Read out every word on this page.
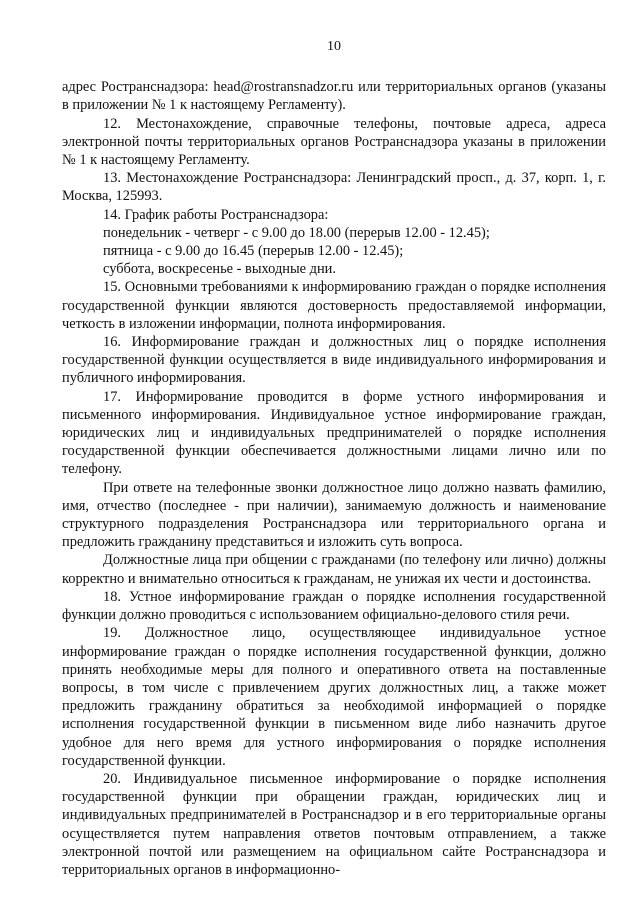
10

адрес Ространснадзора: head@rostransnadzor.ru или территориальных органов (указаны в приложении № 1 к настоящему Регламенту).

12. Местонахождение, справочные телефоны, почтовые адреса, адреса электронной почты территориальных органов Ространснадзора указаны в приложении № 1 к настоящему Регламенту.

13. Местонахождение Ространснадзора: Ленинградский просп., д. 37, корп. 1, г. Москва, 125993.

14. График работы Ространснадзора:

понедельник - четверг - с 9.00 до 18.00 (перерыв 12.00 - 12.45);

пятница - с 9.00 до 16.45 (перерыв 12.00 - 12.45);

суббота, воскресенье - выходные дни.

15. Основными требованиями к информированию граждан о порядке исполнения государственной функции являются достоверность предоставляемой информации, четкость в изложении информации, полнота информирования.

16. Информирование граждан и должностных лиц о порядке исполнения государственной функции осуществляется в виде индивидуального информирования и публичного информирования.

17. Информирование проводится в форме устного информирования и письменного информирования. Индивидуальное устное информирование граждан, юридических лиц и индивидуальных предпринимателей о порядке исполнения государственной функции обеспечивается должностными лицами лично или по телефону.

При ответе на телефонные звонки должностное лицо должно назвать фамилию, имя, отчество (последнее - при наличии), занимаемую должность и наименование структурного подразделения Ространснадзора или территориального органа и предложить гражданину представиться и изложить суть вопроса.

Должностные лица при общении с гражданами (по телефону или лично) должны корректно и внимательно относиться к гражданам, не унижая их чести и достоинства.

18. Устное информирование граждан о порядке исполнения государственной функции должно проводиться с использованием официально-делового стиля речи.

19. Должностное лицо, осуществляющее индивидуальное устное информирование граждан о порядке исполнения государственной функции, должно принять необходимые меры для полного и оперативного ответа на поставленные вопросы, в том числе с привлечением других должностных лиц, а также может предложить гражданину обратиться за необходимой информацией о порядке исполнения государственной функции в письменном виде либо назначить другое удобное для него время для устного информирования о порядке исполнения государственной функции.

20. Индивидуальное письменное информирование о порядке исполнения государственной функции при обращении граждан, юридических лиц и индивидуальных предпринимателей в Ространснадзор и в его территориальные органы осуществляется путем направления ответов почтовым отправлением, а также электронной почтой или размещением на официальном сайте Ространснадзора и территориальных органов в информационно-
